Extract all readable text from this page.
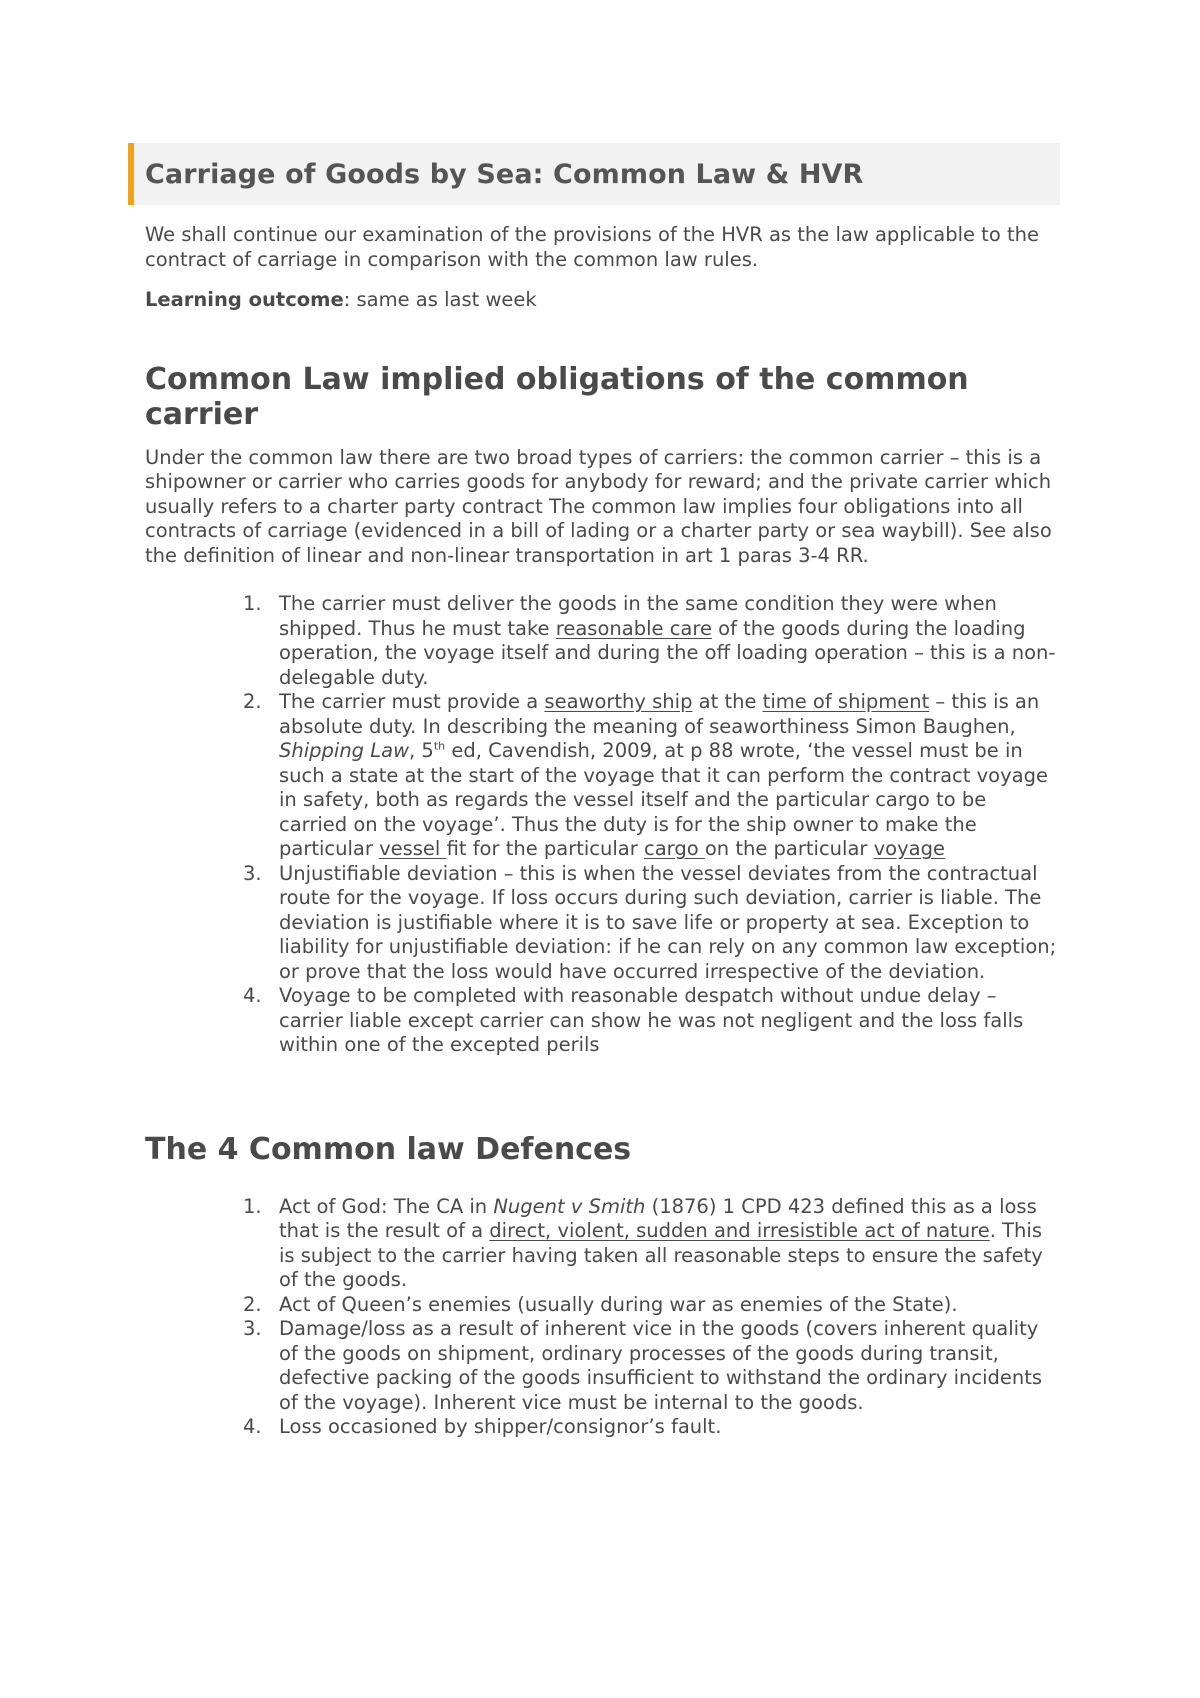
Carriage of Goods by Sea: Common Law & HVR

We shall continue our examination of the provisions of the HVR as the law applicable to the contract of carriage in comparison with the common law rules.

Learning outcome: same as last week

Common Law implied obligations of the common carrier

Under the common law there are two broad types of carriers: the common carrier – this is a shipowner or carrier who carries goods for anybody for reward; and the private carrier which usually refers to a charter party contract The common law implies four obligations into all contracts of carriage (evidenced in a bill of lading or a charter party or sea waybill). See also the definition of linear and non-linear transportation in art 1 paras 3-4 RR.

1. The carrier must deliver the goods in the same condition they were when shipped. Thus he must take reasonable care of the goods during the loading operation, the voyage itself and during the off loading operation – this is a non-delegable duty.
2. The carrier must provide a seaworthy ship at the time of shipment – this is an absolute duty. In describing the meaning of seaworthiness Simon Baughen, Shipping Law, 5th ed, Cavendish, 2009, at p 88 wrote, ‘the vessel must be in such a state at the start of the voyage that it can perform the contract voyage in safety, both as regards the vessel itself and the particular cargo to be carried on the voyage’. Thus the duty is for the ship owner to make the particular vessel fit for the particular cargo on the particular voyage
3. Unjustifiable deviation – this is when the vessel deviates from the contractual route for the voyage. If loss occurs during such deviation, carrier is liable. The deviation is justifiable where it is to save life or property at sea. Exception to liability for unjustifiable deviation: if he can rely on any common law exception; or prove that the loss would have occurred irrespective of the deviation.
4. Voyage to be completed with reasonable despatch without undue delay – carrier liable except carrier can show he was not negligent and the loss falls within one of the excepted perils
The 4 Common law Defences
1. Act of God: The CA in Nugent v Smith (1876) 1 CPD 423 defined this as a loss that is the result of a direct, violent, sudden and irresistible act of nature. This is subject to the carrier having taken all reasonable steps to ensure the safety of the goods.
2. Act of Queen’s enemies (usually during war as enemies of the State).
3. Damage/loss as a result of inherent vice in the goods (covers inherent quality of the goods on shipment, ordinary processes of the goods during transit, defective packing of the goods insufficient to withstand the ordinary incidents of the voyage). Inherent vice must be internal to the goods.
4. Loss occasioned by shipper/consignor’s fault.
